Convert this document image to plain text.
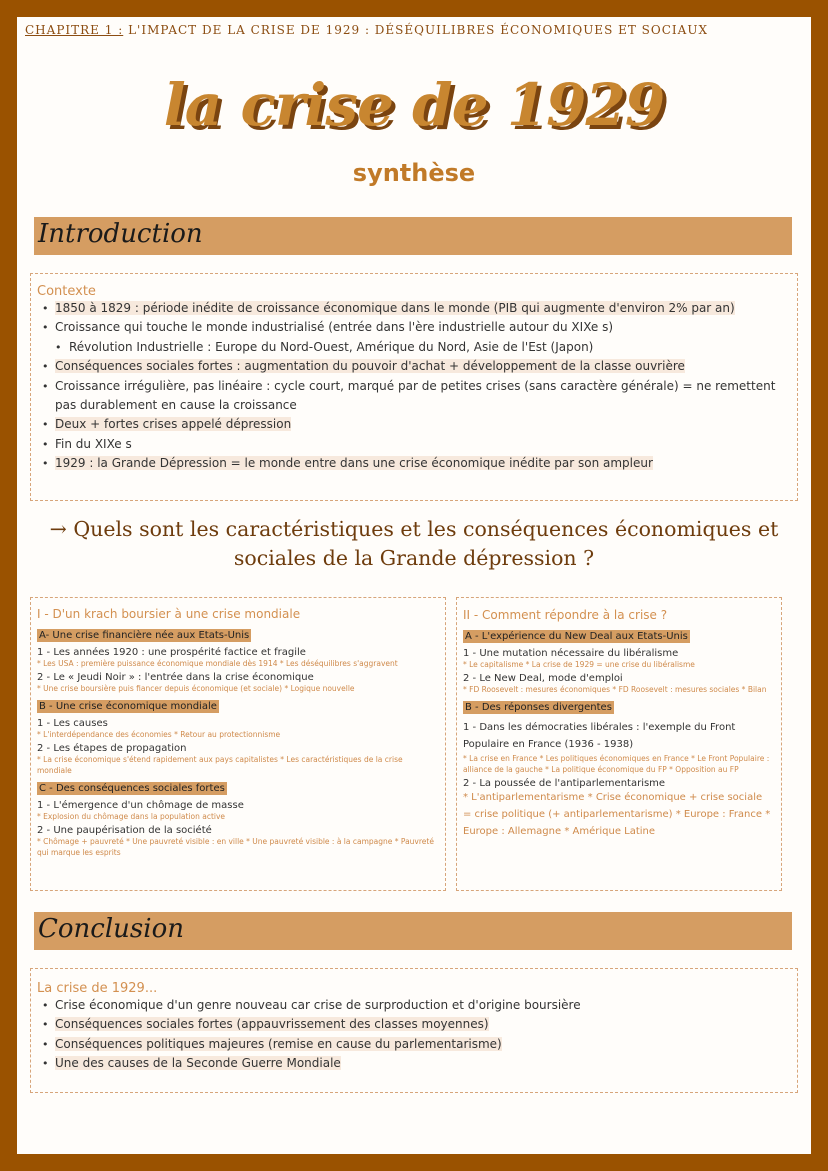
CHAPITRE 1 : L'IMPACT DE LA CRISE DE 1929 : DÉSÉQUILIBRES ÉCONOMIQUES ET SOCIAUX
la crise de 1929
synthèse
Introduction
Contexte
• 1850 à 1829 : période inédite de croissance économique dans le monde (PIB qui augmente d'environ 2% par an)
• Croissance qui touche le monde industrialisé (entrée dans l'ère industrielle autour du XIXe s)
• Révolution Industrielle : Europe du Nord-Ouest, Amérique du Nord, Asie de l'Est (Japon)
• Conséquences sociales fortes : augmentation du pouvoir d'achat + développement de la classe ouvrière
• Croissance irrégulière, pas linéaire : cycle court, marqué par de petites crises (sans caractère générale) = ne remettent pas durablement en cause la croissance
• Deux + fortes crises appelé dépression
• Fin du XIXe s
• 1929 : la Grande Dépression = le monde entre dans une crise économique inédite par son ampleur
→ Quels sont les caractéristiques et les conséquences économiques et sociales de la Grande dépression ?
I - D'un krach boursier à une crise mondiale
A- Une crise financière née aux Etats-Unis
1 - Les années 1920 : une prospérité factice et fragile
* Les USA : première puissance économique mondiale dès 1914 * Les déséquilibres s'aggravent
2 - Le « Jeudi Noir » : l'entrée dans la crise économique
* Une crise boursière puis fiancer depuis économique (et sociale) * Logique nouvelle
B - Une crise économique mondiale
1 - Les causes
* L'interdépendance des économies * Retour au protectionnisme
2 - Les étapes de propagation
* La crise économique s'étend rapidement aux pays capitalistes * Les caractéristiques de la crise mondiale
C - Des conséquences sociales fortes
1 - L'émergence d'un chômage de masse
* Explosion du chômage dans la population active
2 - Une paupérisation de la société
* Chômage + pauvreté * Une pauvreté visible : en ville * Une pauvreté visible : à la campagne * Pauvreté qui marque les esprits
II - Comment répondre à la crise ?
A - L'expérience du New Deal aux Etats-Unis
1 - Une mutation nécessaire du libéralisme
* Le capitalisme * La crise de 1929 = une crise du libéralisme
2 - Le New Deal, mode d'emploi
* FD Roosevelt : mesures économiques * FD Roosevelt : mesures sociales * Bilan
B - Des réponses divergentes
1 - Dans les démocraties libérales : l'exemple du Front Populaire en France (1936 - 1938)
* La crise en France * Les politiques économiques en France * Le Front Populaire : alliance de la gauche * La politique économique du FP * Opposition au FP
2 - La poussée de l'antiparlementarisme
* L'antiparlementarisme * Crise économique + crise sociale = crise politique (+ antiparlementarisme) * Europe : France * Europe : Allemagne * Amérique Latine
Conclusion
La crise de 1929...
• Crise économique d'un genre nouveau car crise de surproduction et d'origine boursière
• Conséquences sociales fortes (appauvrissement des classes moyennes)
• Conséquences politiques majeures (remise en cause du parlementarisme)
• Une des causes de la Seconde Guerre Mondiale
